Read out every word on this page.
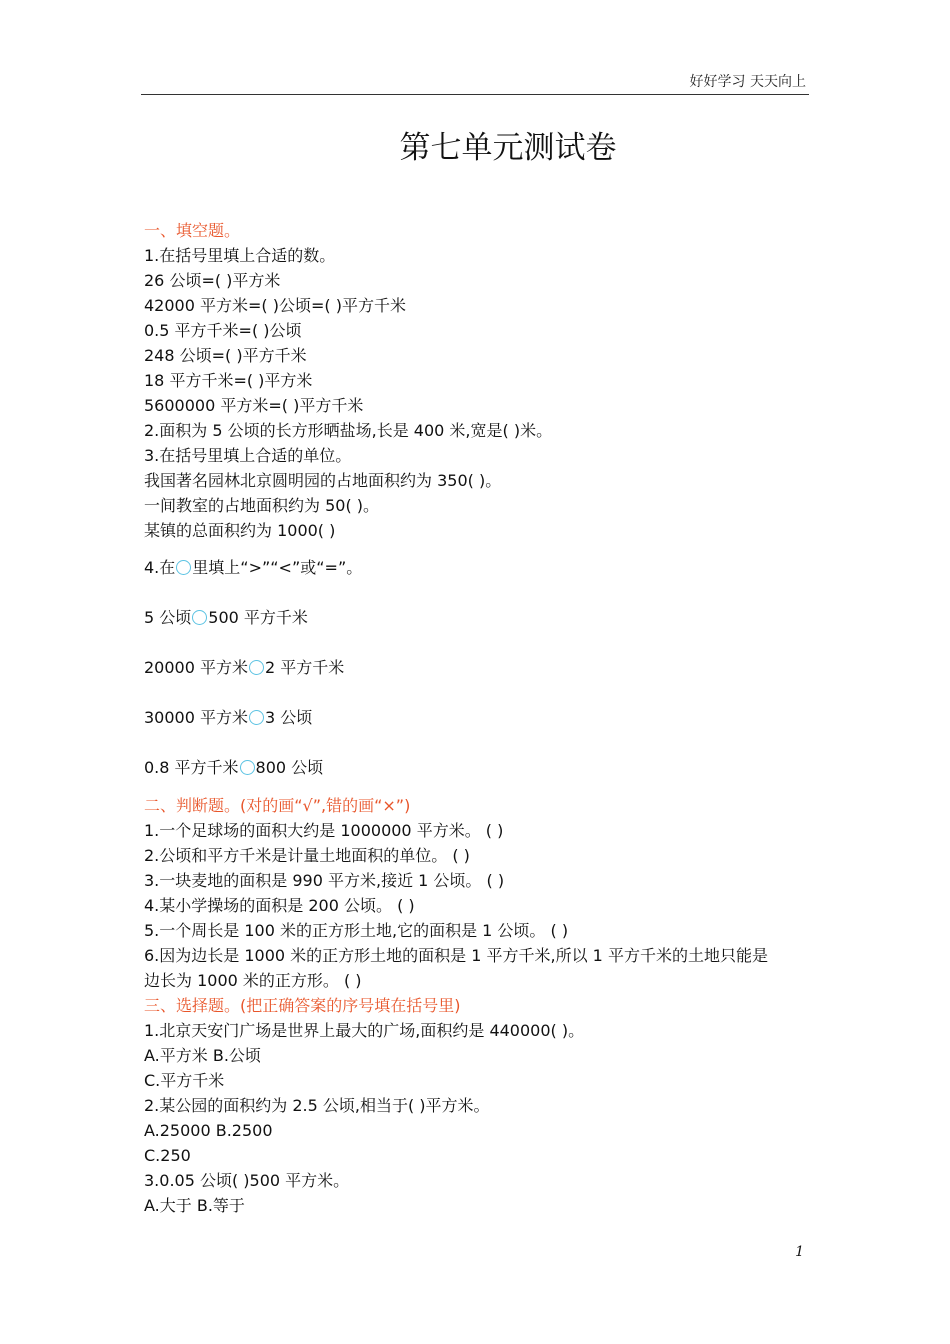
好好学习 天天向上
第七单元测试卷
一、填空题。
1.在括号里填上合适的数。
26 公顷=( )平方米
42000 平方米=( )公顷=( )平方千米
0.5 平方千米=( )公顷
248 公顷=( )平方千米
18 平方千米=( )平方米
5600000 平方米=( )平方千米
2.面积为 5 公顷的长方形晒盐场,长是 400 米,宽是( )米。
3.在括号里填上合适的单位。
我国著名园林北京圆明园的占地面积约为 350( )。
一间教室的占地面积约为 50( )。
某镇的总面积约为 1000( )
4.在 里填上“>”“<”或“=”。
5 公顷 500 平方千米
20000 平方米 2 平方千米
30000 平方米 3 公顷
0.8 平方千米 800 公顷
二、判断题。(对的画“√”,错的画“×”)
1.一个足球场的面积大约是 1000000 平方米。 ( )
2.公顷和平方千米是计量土地面积的单位。 ( )
3.一块麦地的面积是 990 平方米,接近 1 公顷。 ( )
4.某小学操场的面积是 200 公顷。 ( )
5.一个周长是 100 米的正方形土地,它的面积是 1 公顷。 ( )
6.因为边长是 1000 米的正方形土地的面积是 1 平方千米,所以 1 平方千米的土地只能是
边长为 1000 米的正方形。 ( )
三、选择题。(把正确答案的序号填在括号里)
1.北京天安门广场是世界上最大的广场,面积约是 440000( )。
A.平方米 B.公顷
C.平方千米
2.某公园的面积约为 2.5 公顷,相当于( )平方米。
A.25000 B.2500
C.250
3.0.05 公顷( )500 平方米。
A.大于 B.等于
1
